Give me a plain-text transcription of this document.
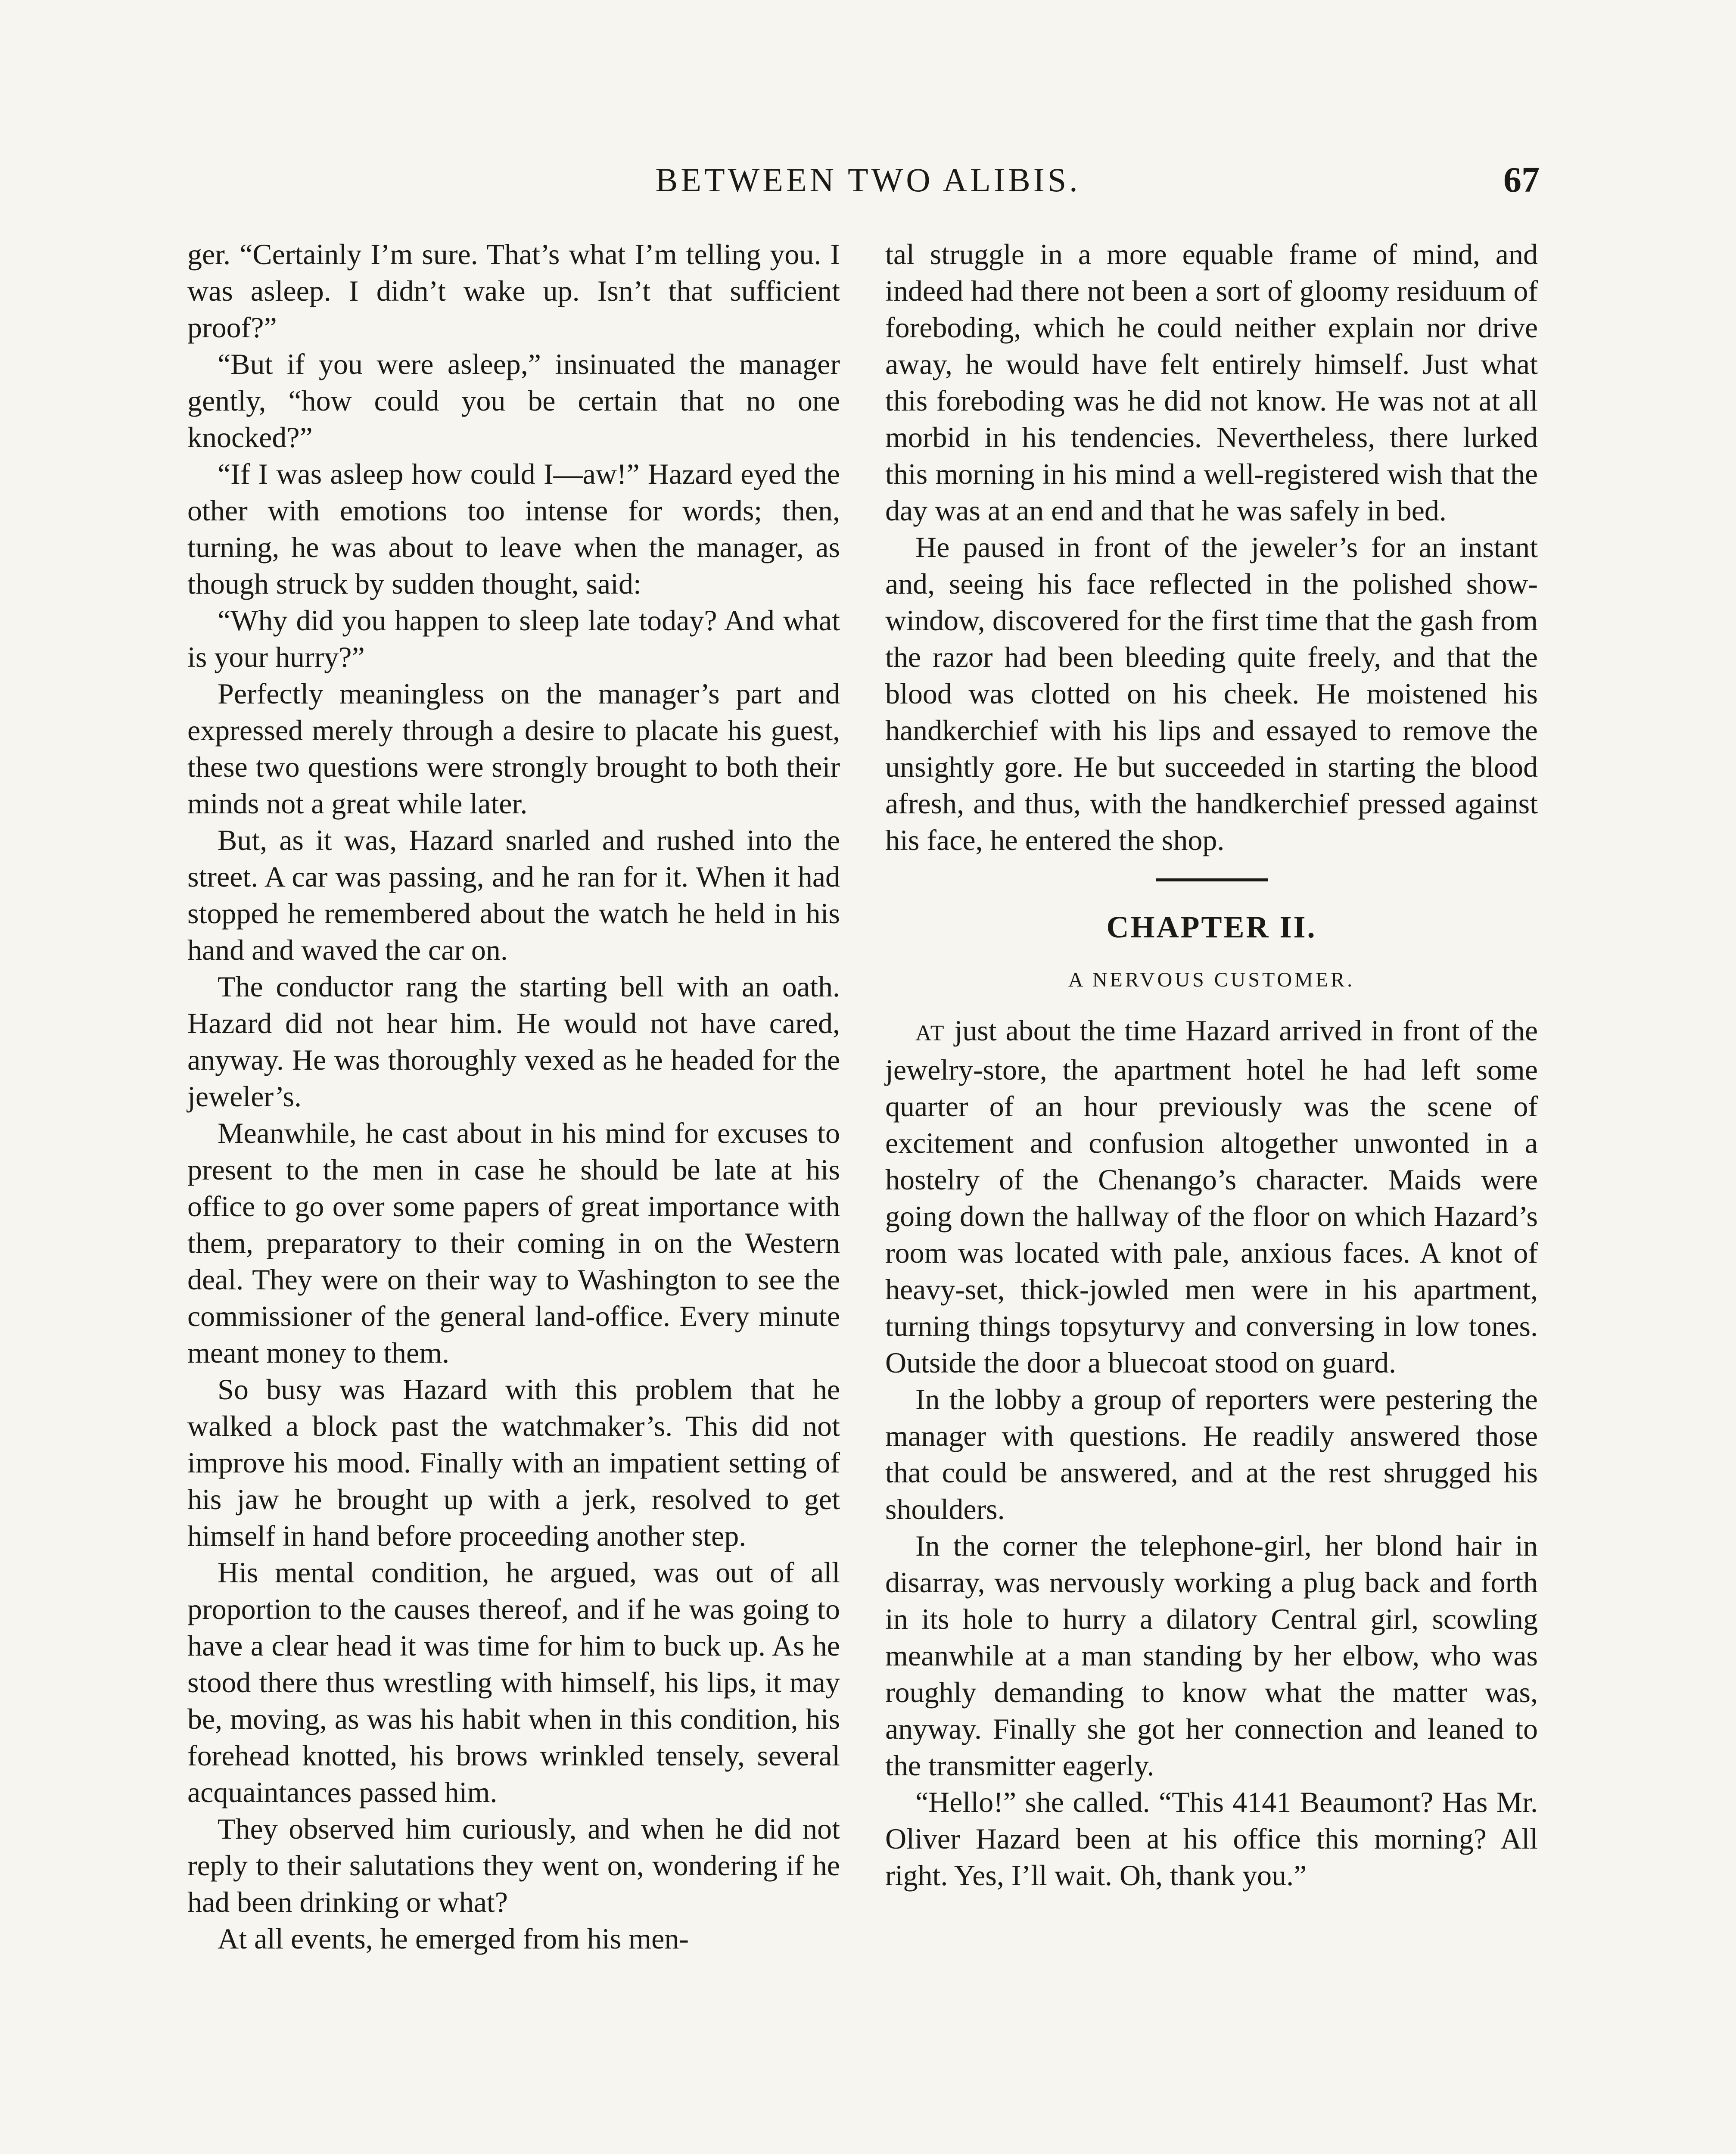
BETWEEN TWO ALIBIS.	67

ger. “Certainly I’m sure. That’s what I’m telling you. I was asleep. I didn’t wake up. Isn’t that sufficient proof?”

“But if you were asleep,” insinuated the manager gently, “how could you be certain that no one knocked?”

“If I was asleep how could I—aw!” Hazard eyed the other with emotions too intense for words; then, turning, he was about to leave when the manager, as though struck by sudden thought, said:

“Why did you happen to sleep late today? And what is your hurry?”

Perfectly meaningless on the manager’s part and expressed merely through a desire to placate his guest, these two questions were strongly brought to both their minds not a great while later.

But, as it was, Hazard snarled and rushed into the street. A car was passing, and he ran for it. When it had stopped he remembered about the watch he held in his hand and waved the car on.

The conductor rang the starting bell with an oath. Hazard did not hear him. He would not have cared, anyway. He was thoroughly vexed as he headed for the jeweler’s.

Meanwhile, he cast about in his mind for excuses to present to the men in case he should be late at his office to go over some papers of great importance with them, preparatory to their coming in on the Western deal. They were on their way to Washington to see the commissioner of the general land-office. Every minute meant money to them.

So busy was Hazard with this problem that he walked a block past the watchmaker’s. This did not improve his mood. Finally with an impatient setting of his jaw he brought up with a jerk, resolved to get himself in hand before proceeding another step.

His mental condition, he argued, was out of all proportion to the causes thereof, and if he was going to have a clear head it was time for him to buck up. As he stood there thus wrestling with himself, his lips, it may be, moving, as was his habit when in this condition, his forehead knotted, his brows wrinkled tensely, several acquaintances passed him.

They observed him curiously, and when he did not reply to their salutations they went on, wondering if he had been drinking or what?

At all events, he emerged from his men-

tal struggle in a more equable frame of mind, and indeed had there not been a sort of gloomy residuum of foreboding, which he could neither explain nor drive away, he would have felt entirely himself. Just what this foreboding was he did not know. He was not at all morbid in his tendencies. Nevertheless, there lurked this morning in his mind a well-registered wish that the day was at an end and that he was safely in bed.

He paused in front of the jeweler’s for an instant and, seeing his face reflected in the polished show-window, discovered for the first time that the gash from the razor had been bleeding quite freely, and that the blood was clotted on his cheek. He moistened his handkerchief with his lips and essayed to remove the unsightly gore. He but succeeded in starting the blood afresh, and thus, with the handkerchief pressed against his face, he entered the shop.

CHAPTER II.
A NERVOUS CUSTOMER.

AT just about the time Hazard arrived in front of the jewelry-store, the apartment hotel he had left some quarter of an hour previously was the scene of excitement and confusion altogether unwonted in a hostelry of the Chenango’s character. Maids were going down the hallway of the floor on which Hazard’s room was located with pale, anxious faces. A knot of heavy-set, thick-jowled men were in his apartment, turning things topsyturvy and conversing in low tones. Outside the door a bluecoat stood on guard.

In the lobby a group of reporters were pestering the manager with questions. He readily answered those that could be answered, and at the rest shrugged his shoulders.

In the corner the telephone-girl, her blond hair in disarray, was nervously working a plug back and forth in its hole to hurry a dilatory Central girl, scowling meanwhile at a man standing by her elbow, who was roughly demanding to know what the matter was, anyway. Finally she got her connection and leaned to the transmitter eagerly.

“Hello!” she called. “This 4141 Beaumont? Has Mr. Oliver Hazard been at his office this morning? All right. Yes, I’ll wait. Oh, thank you.”
